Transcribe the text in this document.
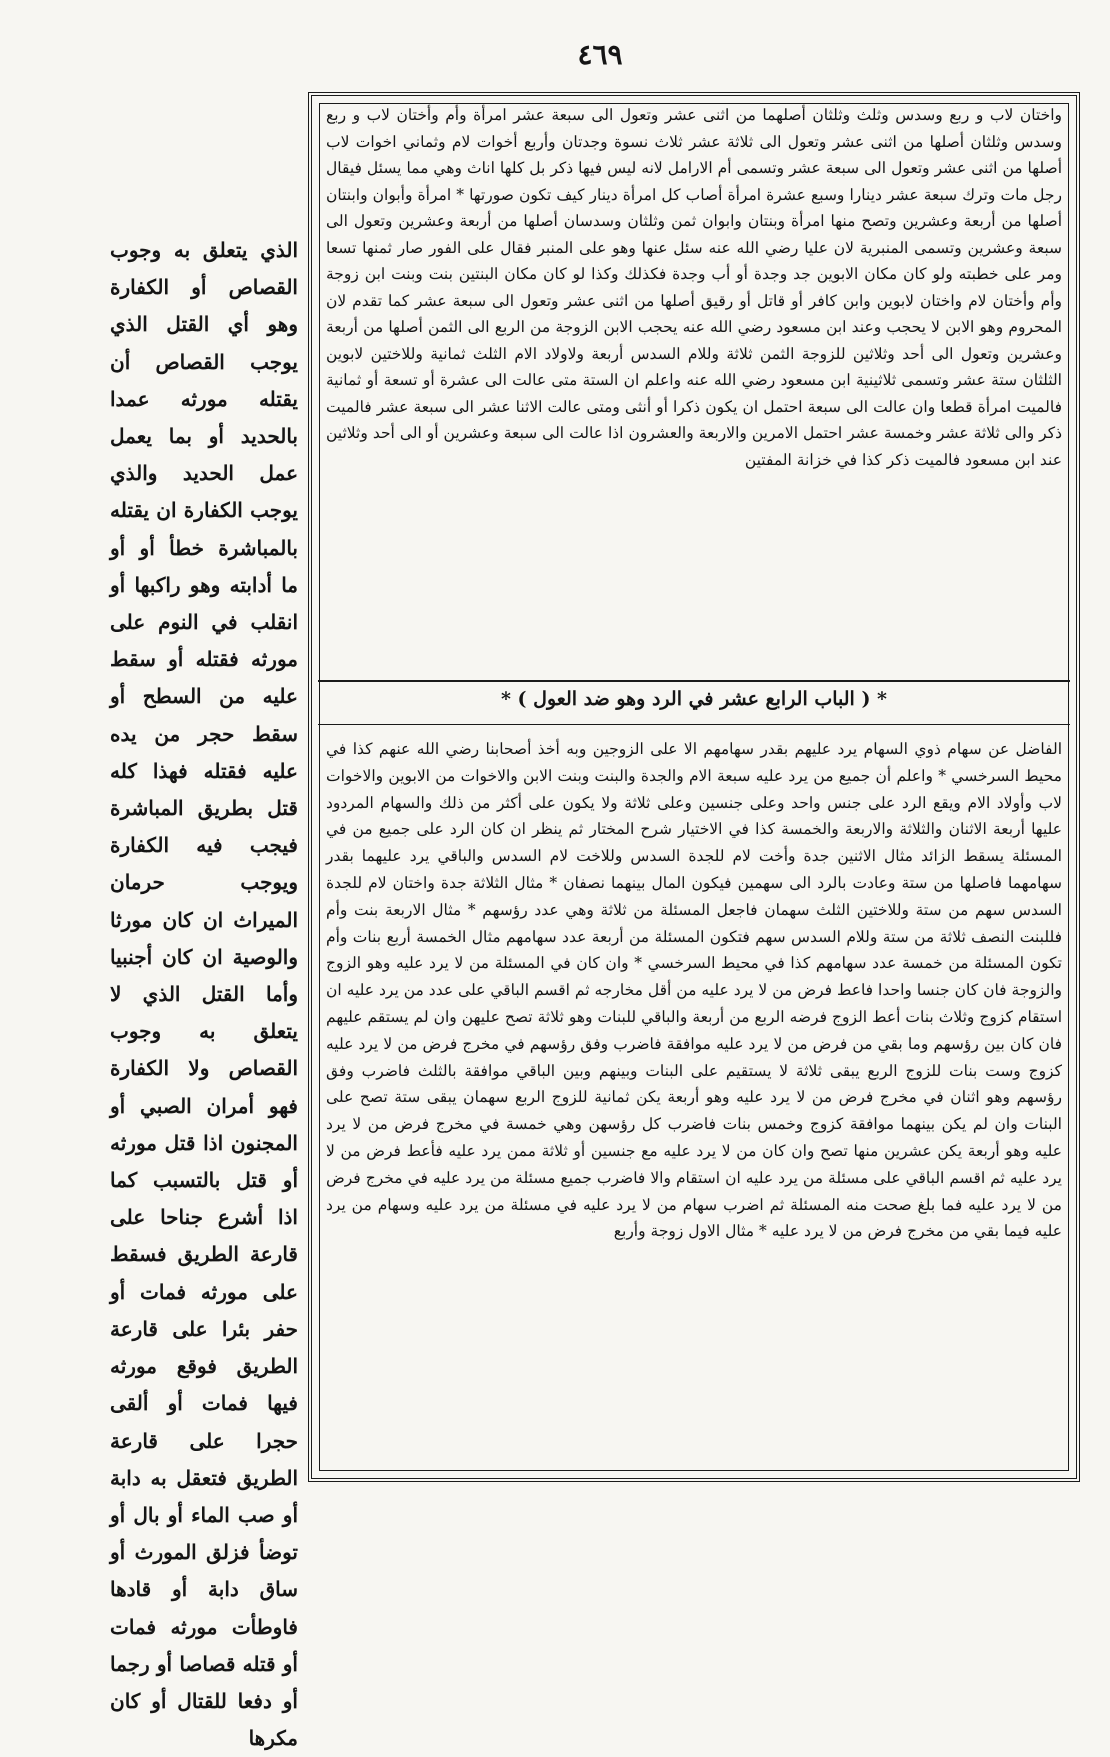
٤٦٩

واختان لاب و ربع وسدس وثلث وثلثان أصلهما من اثنى عشر وتعول الى سبعة عشر امرأة وأم وأختان لاب و ربع وسدس وثلثان أصلها من اثنى عشر وتعول الى ثلاثة عشر ثلاث نسوة وجدتان وأربع أخوات لام وثماني اخوات لاب أصلها من اثنى عشر وتعول الى سبعة عشر وتسمى أم الارامل لانه ليس فيها ذكر بل كلها اناث وهي مما يسئل فيقال رجل مات وترك سبعة عشر دينارا وسبع عشرة امرأة أصاب كل امرأة دينار كيف تكون صورتها * امرأة وأبوان وابنتان أصلها من أربعة وعشرين وتصح منها امرأة وبنتان وابوان ثمن وثلثان وسدسان أصلها من أربعة وعشرين وتعول الى سبعة وعشرين وتسمى المنبرية لان عليا رضي الله عنه سئل عنها وهو على المنبر فقال على الفور صار ثمنها تسعا ومر على خطبته ولو كان مكان الابوين جد وجدة أو أب وجدة فكذلك وكذا لو كان مكان البنتين بنت وبنت ابن زوجة وأم وأختان لام واختان لابوين وابن كافر أو قاتل أو رقيق أصلها من اثنى عشر وتعول الى سبعة عشر كما تقدم لان المحروم وهو الابن لا يحجب وعند ابن مسعود رضي الله عنه يحجب الابن الزوجة من الربع الى الثمن أصلها من أربعة وعشرين وتعول الى أحد وثلاثين للزوجة الثمن ثلاثة وللام السدس أربعة ولاولاد الام الثلث ثمانية وللاختين لابوين الثلثان ستة عشر وتسمى ثلاثينية ابن مسعود رضي الله عنه واعلم ان الستة متى عالت الى عشرة أو تسعة أو ثمانية فالميت امرأة قطعا وان عالت الى سبعة احتمل ان يكون ذكرا أو أنثى ومتى عالت الاثنا عشر الى سبعة عشر فالميت ذكر والى ثلاثة عشر وخمسة عشر احتمل الامرين والاربعة والعشرون اذا عالت الى سبعة وعشرين أو الى أحد وثلاثين عند ابن مسعود فالميت ذكر كذا في خزانة المفتين

* ( الباب الرابع عشر في الرد وهو ضد العول ) *

الفاضل عن سهام ذوي السهام يرد عليهم بقدر سهامهم الا على الزوجين وبه أخذ أصحابنا رضي الله عنهم كذا في محيط السرخسي * واعلم أن جميع من يرد عليه سبعة الام والجدة والبنت وبنت الابن والاخوات من الابوين والاخوات لاب وأولاد الام ويقع الرد على جنس واحد وعلى جنسين وعلى ثلاثة ولا يكون على أكثر من ذلك والسهام المردود عليها أربعة الاثنان والثلاثة والاربعة والخمسة كذا في الاختيار شرح المختار ثم ينظر ان كان الرد على جميع من في المسئلة يسقط الزائد مثال الاثنين جدة وأخت لام للجدة السدس وللاخت لام السدس والباقي يرد عليهما بقدر سهامهما فاصلها من ستة وعادت بالرد الى سهمين فيكون المال بينهما نصفان * مثال الثلاثة جدة واختان لام للجدة السدس سهم من ستة وللاختين الثلث سهمان فاجعل المسئلة من ثلاثة وهي عدد رؤسهم * مثال الاربعة بنت وأم فللبنت النصف ثلاثة من ستة وللام السدس سهم فتكون المسئلة من أربعة عدد سهامهم مثال الخمسة أربع بنات وأم تكون المسئلة من خمسة عدد سهامهم كذا في محيط السرخسي * وان كان في المسئلة من لا يرد عليه وهو الزوج والزوجة فان كان جنسا واحدا فاعط فرض من لا يرد عليه من أقل مخارجه ثم اقسم الباقي على عدد من يرد عليه ان استقام كزوج وثلاث بنات أعط الزوج فرضه الربع من أربعة والباقي للبنات وهو ثلاثة تصح عليهن وان لم يستقم عليهم فان كان بين رؤسهم وما بقي من فرض من لا يرد عليه موافقة فاضرب وفق رؤسهم في مخرج فرض من لا يرد عليه كزوج وست بنات للزوج الربع يبقى ثلاثة لا يستقيم على البنات وبينهم وبين الباقي موافقة بالثلث فاضرب وفق رؤسهم وهو اثنان في مخرج فرض من لا يرد عليه وهو أربعة يكن ثمانية للزوج الربع سهمان يبقى ستة تصح على البنات وان لم يكن بينهما موافقة كزوج وخمس بنات فاضرب كل رؤسهن وهي خمسة في مخرج فرض من لا يرد عليه وهو أربعة يكن عشرين منها تصح وان كان من لا يرد عليه مع جنسين أو ثلاثة ممن يرد عليه فأعط فرض من لا يرد عليه ثم اقسم الباقي على مسئلة من يرد عليه ان استقام والا فاضرب جميع مسئلة من يرد عليه في مخرج فرض من لا يرد عليه فما بلغ صحت منه المسئلة ثم اضرب سهام من لا يرد عليه في مسئلة من يرد عليه وسهام من يرد عليه فيما بقي من مخرج فرض من لا يرد عليه * مثال الاول زوجة وأربع

الذي يتعلق به وجوب القصاص أو الكفارة وهو أي القتل الذي يوجب القصاص أن يقتله مورثه عمدا بالحديد أو بما يعمل عمل الحديد والذي يوجب الكفارة ان يقتله بالمباشرة خطأ أو أو ما أدابته وهو راكبها أو انقلب في النوم على مورثه فقتله أو سقط عليه من السطح أو سقط حجر من يده عليه فقتله فهذا كله قتل بطريق المباشرة فيجب فيه الكفارة ويوجب حرمان الميراث ان كان مورثا والوصية ان كان أجنبيا وأما القتل الذي لا يتعلق به وجوب القصاص ولا الكفارة فهو أمران الصبي أو المجنون اذا قتل مورثه أو قتل بالتسبب كما اذا أشرع جناحا على قارعة الطريق فسقط على مورثه فمات أو حفر بئرا على قارعة الطريق فوقع مورثه فيها فمات أو ألقى حجرا على قارعة الطريق فتعقل به دابة أو صب الماء أو بال أو توضأ فزلق المورث أو ساق دابة أو قادها فاوطأت مورثه فمات أو قتله قصاصا أو رجما أو دفعا للقتال أو كان مكرها
